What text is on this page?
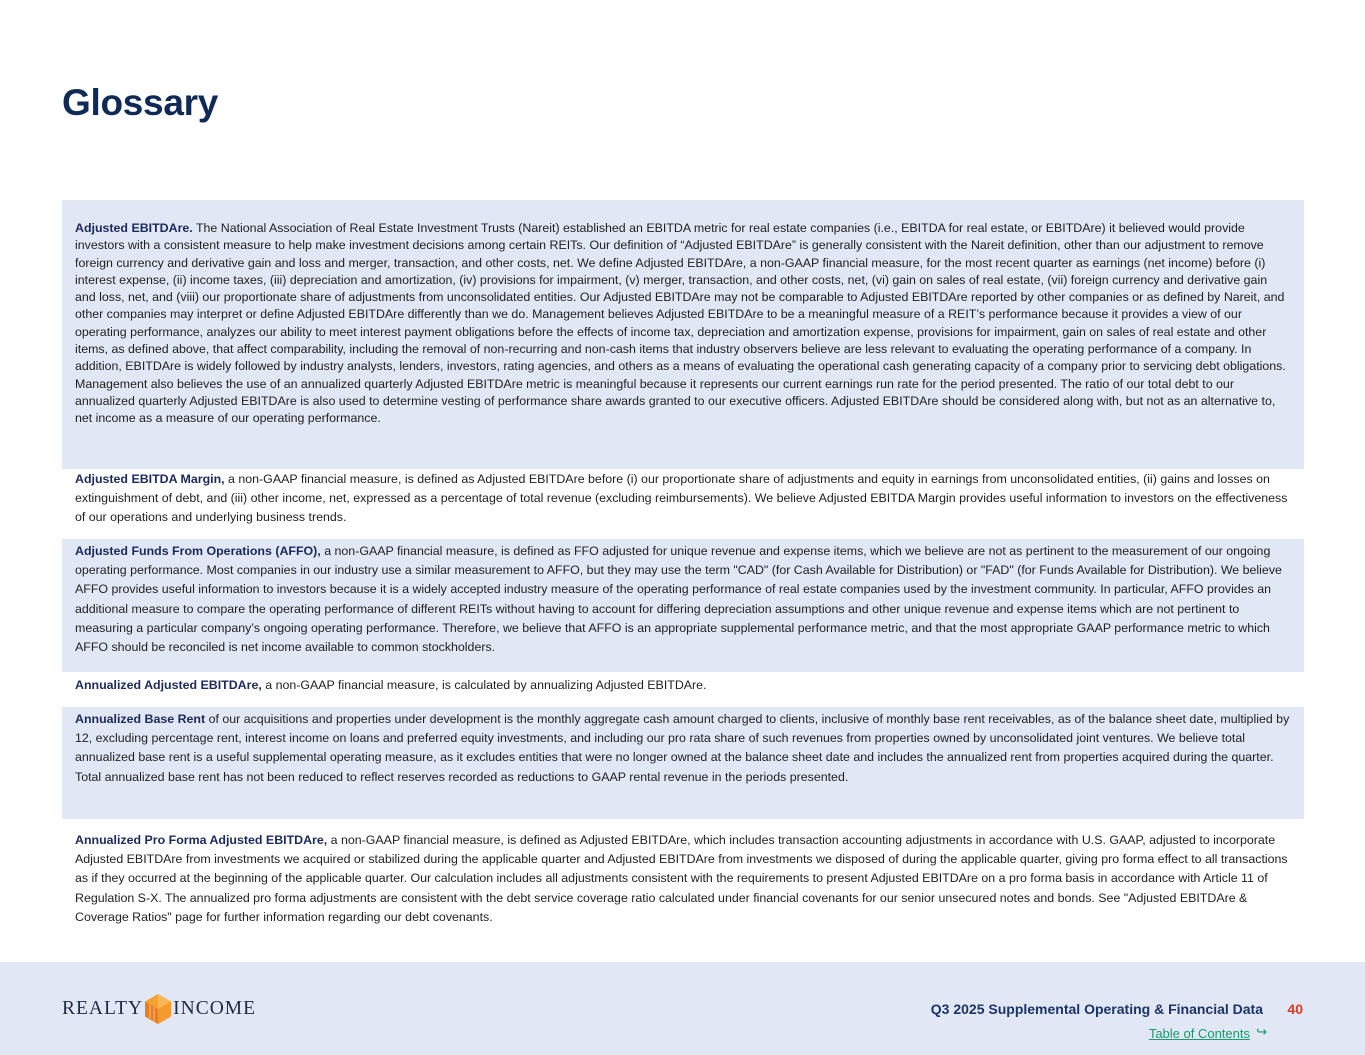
Glossary
Adjusted EBITDAre. The National Association of Real Estate Investment Trusts (Nareit) established an EBITDA metric for real estate companies (i.e., EBITDA for real estate, or EBITDAre) it believed would provide investors with a consistent measure to help make investment decisions among certain REITs. Our definition of “Adjusted EBITDAre” is generally consistent with the Nareit definition, other than our adjustment to remove foreign currency and derivative gain and loss and merger, transaction, and other costs, net. We define Adjusted EBITDAre, a non-GAAP financial measure, for the most recent quarter as earnings (net income) before (i) interest expense, (ii) income taxes, (iii) depreciation and amortization, (iv) provisions for impairment, (v) merger, transaction, and other costs, net, (vi) gain on sales of real estate, (vii) foreign currency and derivative gain and loss, net, and (viii) our proportionate share of adjustments from unconsolidated entities. Our Adjusted EBITDAre may not be comparable to Adjusted EBITDAre reported by other companies or as defined by Nareit, and other companies may interpret or define Adjusted EBITDAre differently than we do. Management believes Adjusted EBITDAre to be a meaningful measure of a REIT’s performance because it provides a view of our operating performance, analyzes our ability to meet interest payment obligations before the effects of income tax, depreciation and amortization expense, provisions for impairment, gain on sales of real estate and other items, as defined above, that affect comparability, including the removal of non-recurring and non-cash items that industry observers believe are less relevant to evaluating the operating performance of a company. In addition, EBITDAre is widely followed by industry analysts, lenders, investors, rating agencies, and others as a means of evaluating the operational cash generating capacity of a company prior to servicing debt obligations. Management also believes the use of an annualized quarterly Adjusted EBITDAre metric is meaningful because it represents our current earnings run rate for the period presented. The ratio of our total debt to our annualized quarterly Adjusted EBITDAre is also used to determine vesting of performance share awards granted to our executive officers. Adjusted EBITDAre should be considered along with, but not as an alternative to, net income as a measure of our operating performance.
Adjusted EBITDA Margin, a non-GAAP financial measure, is defined as Adjusted EBITDAre before (i) our proportionate share of adjustments and equity in earnings from unconsolidated entities, (ii) gains and losses on extinguishment of debt, and (iii) other income, net, expressed as a percentage of total revenue (excluding reimbursements). We believe Adjusted EBITDA Margin provides useful information to investors on the effectiveness of our operations and underlying business trends.
Adjusted Funds From Operations (AFFO), a non-GAAP financial measure, is defined as FFO adjusted for unique revenue and expense items, which we believe are not as pertinent to the measurement of our ongoing operating performance. Most companies in our industry use a similar measurement to AFFO, but they may use the term "CAD" (for Cash Available for Distribution) or "FAD" (for Funds Available for Distribution). We believe AFFO provides useful information to investors because it is a widely accepted industry measure of the operating performance of real estate companies used by the investment community. In particular, AFFO provides an additional measure to compare the operating performance of different REITs without having to account for differing depreciation assumptions and other unique revenue and expense items which are not pertinent to measuring a particular company’s ongoing operating performance. Therefore, we believe that AFFO is an appropriate supplemental performance metric, and that the most appropriate GAAP performance metric to which AFFO should be reconciled is net income available to common stockholders.
Annualized Adjusted EBITDAre, a non-GAAP financial measure, is calculated by annualizing Adjusted EBITDAre.
Annualized Base Rent of our acquisitions and properties under development is the monthly aggregate cash amount charged to clients, inclusive of monthly base rent receivables, as of the balance sheet date, multiplied by 12, excluding percentage rent, interest income on loans and preferred equity investments, and including our pro rata share of such revenues from properties owned by unconsolidated joint ventures. We believe total annualized base rent is a useful supplemental operating measure, as it excludes entities that were no longer owned at the balance sheet date and includes the annualized rent from properties acquired during the quarter. Total annualized base rent has not been reduced to reflect reserves recorded as reductions to GAAP rental revenue in the periods presented.
Annualized Pro Forma Adjusted EBITDAre, a non-GAAP financial measure, is defined as Adjusted EBITDAre, which includes transaction accounting adjustments in accordance with U.S. GAAP, adjusted to incorporate Adjusted EBITDAre from investments we acquired or stabilized during the applicable quarter and Adjusted EBITDAre from investments we disposed of during the applicable quarter, giving pro forma effect to all transactions as if they occurred at the beginning of the applicable quarter. Our calculation includes all adjustments consistent with the requirements to present Adjusted EBITDAre on a pro forma basis in accordance with Article 11 of Regulation S-X. The annualized pro forma adjustments are consistent with the debt service coverage ratio calculated under financial covenants for our senior unsecured notes and bonds. See "Adjusted EBITDAre & Coverage Ratios" page for further information regarding our debt covenants.
REALTY INCOME	Q3 2025 Supplemental Operating & Financial Data 40
Table of Contents ↪
